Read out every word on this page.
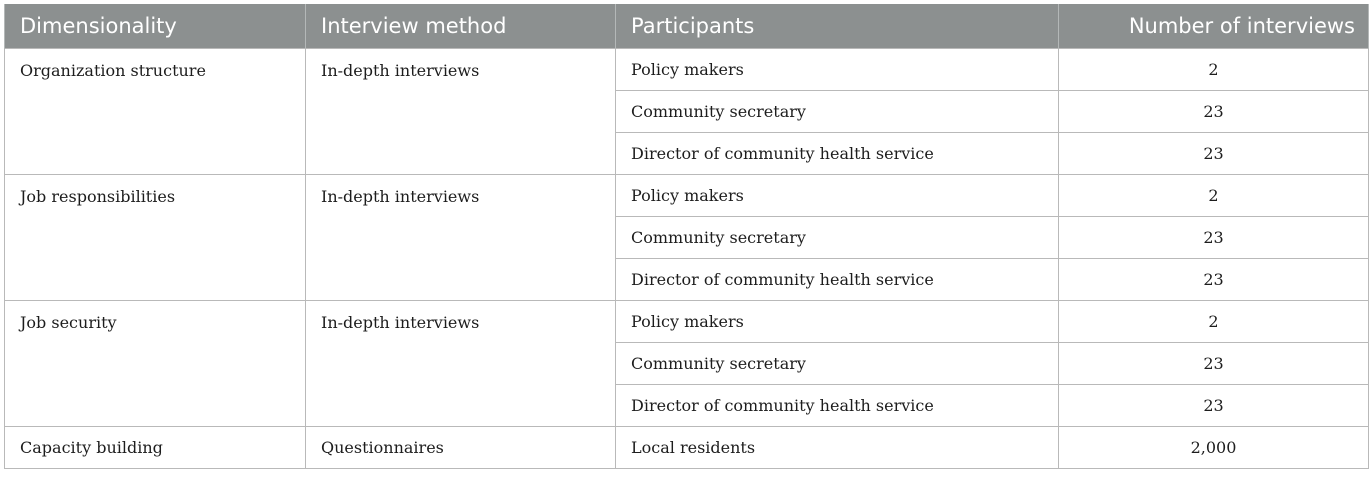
Dimensionality	Interview method	Participants	Number of interviews
Organization structure	In-depth interviews	Policy makers	2
		Community secretary	23
		Director of community health service	23
Job responsibilities	In-depth interviews	Policy makers	2
		Community secretary	23
		Director of community health service	23
Job security	In-depth interviews	Policy makers	2
		Community secretary	23
		Director of community health service	23
Capacity building	Questionnaires	Local residents	2,000
